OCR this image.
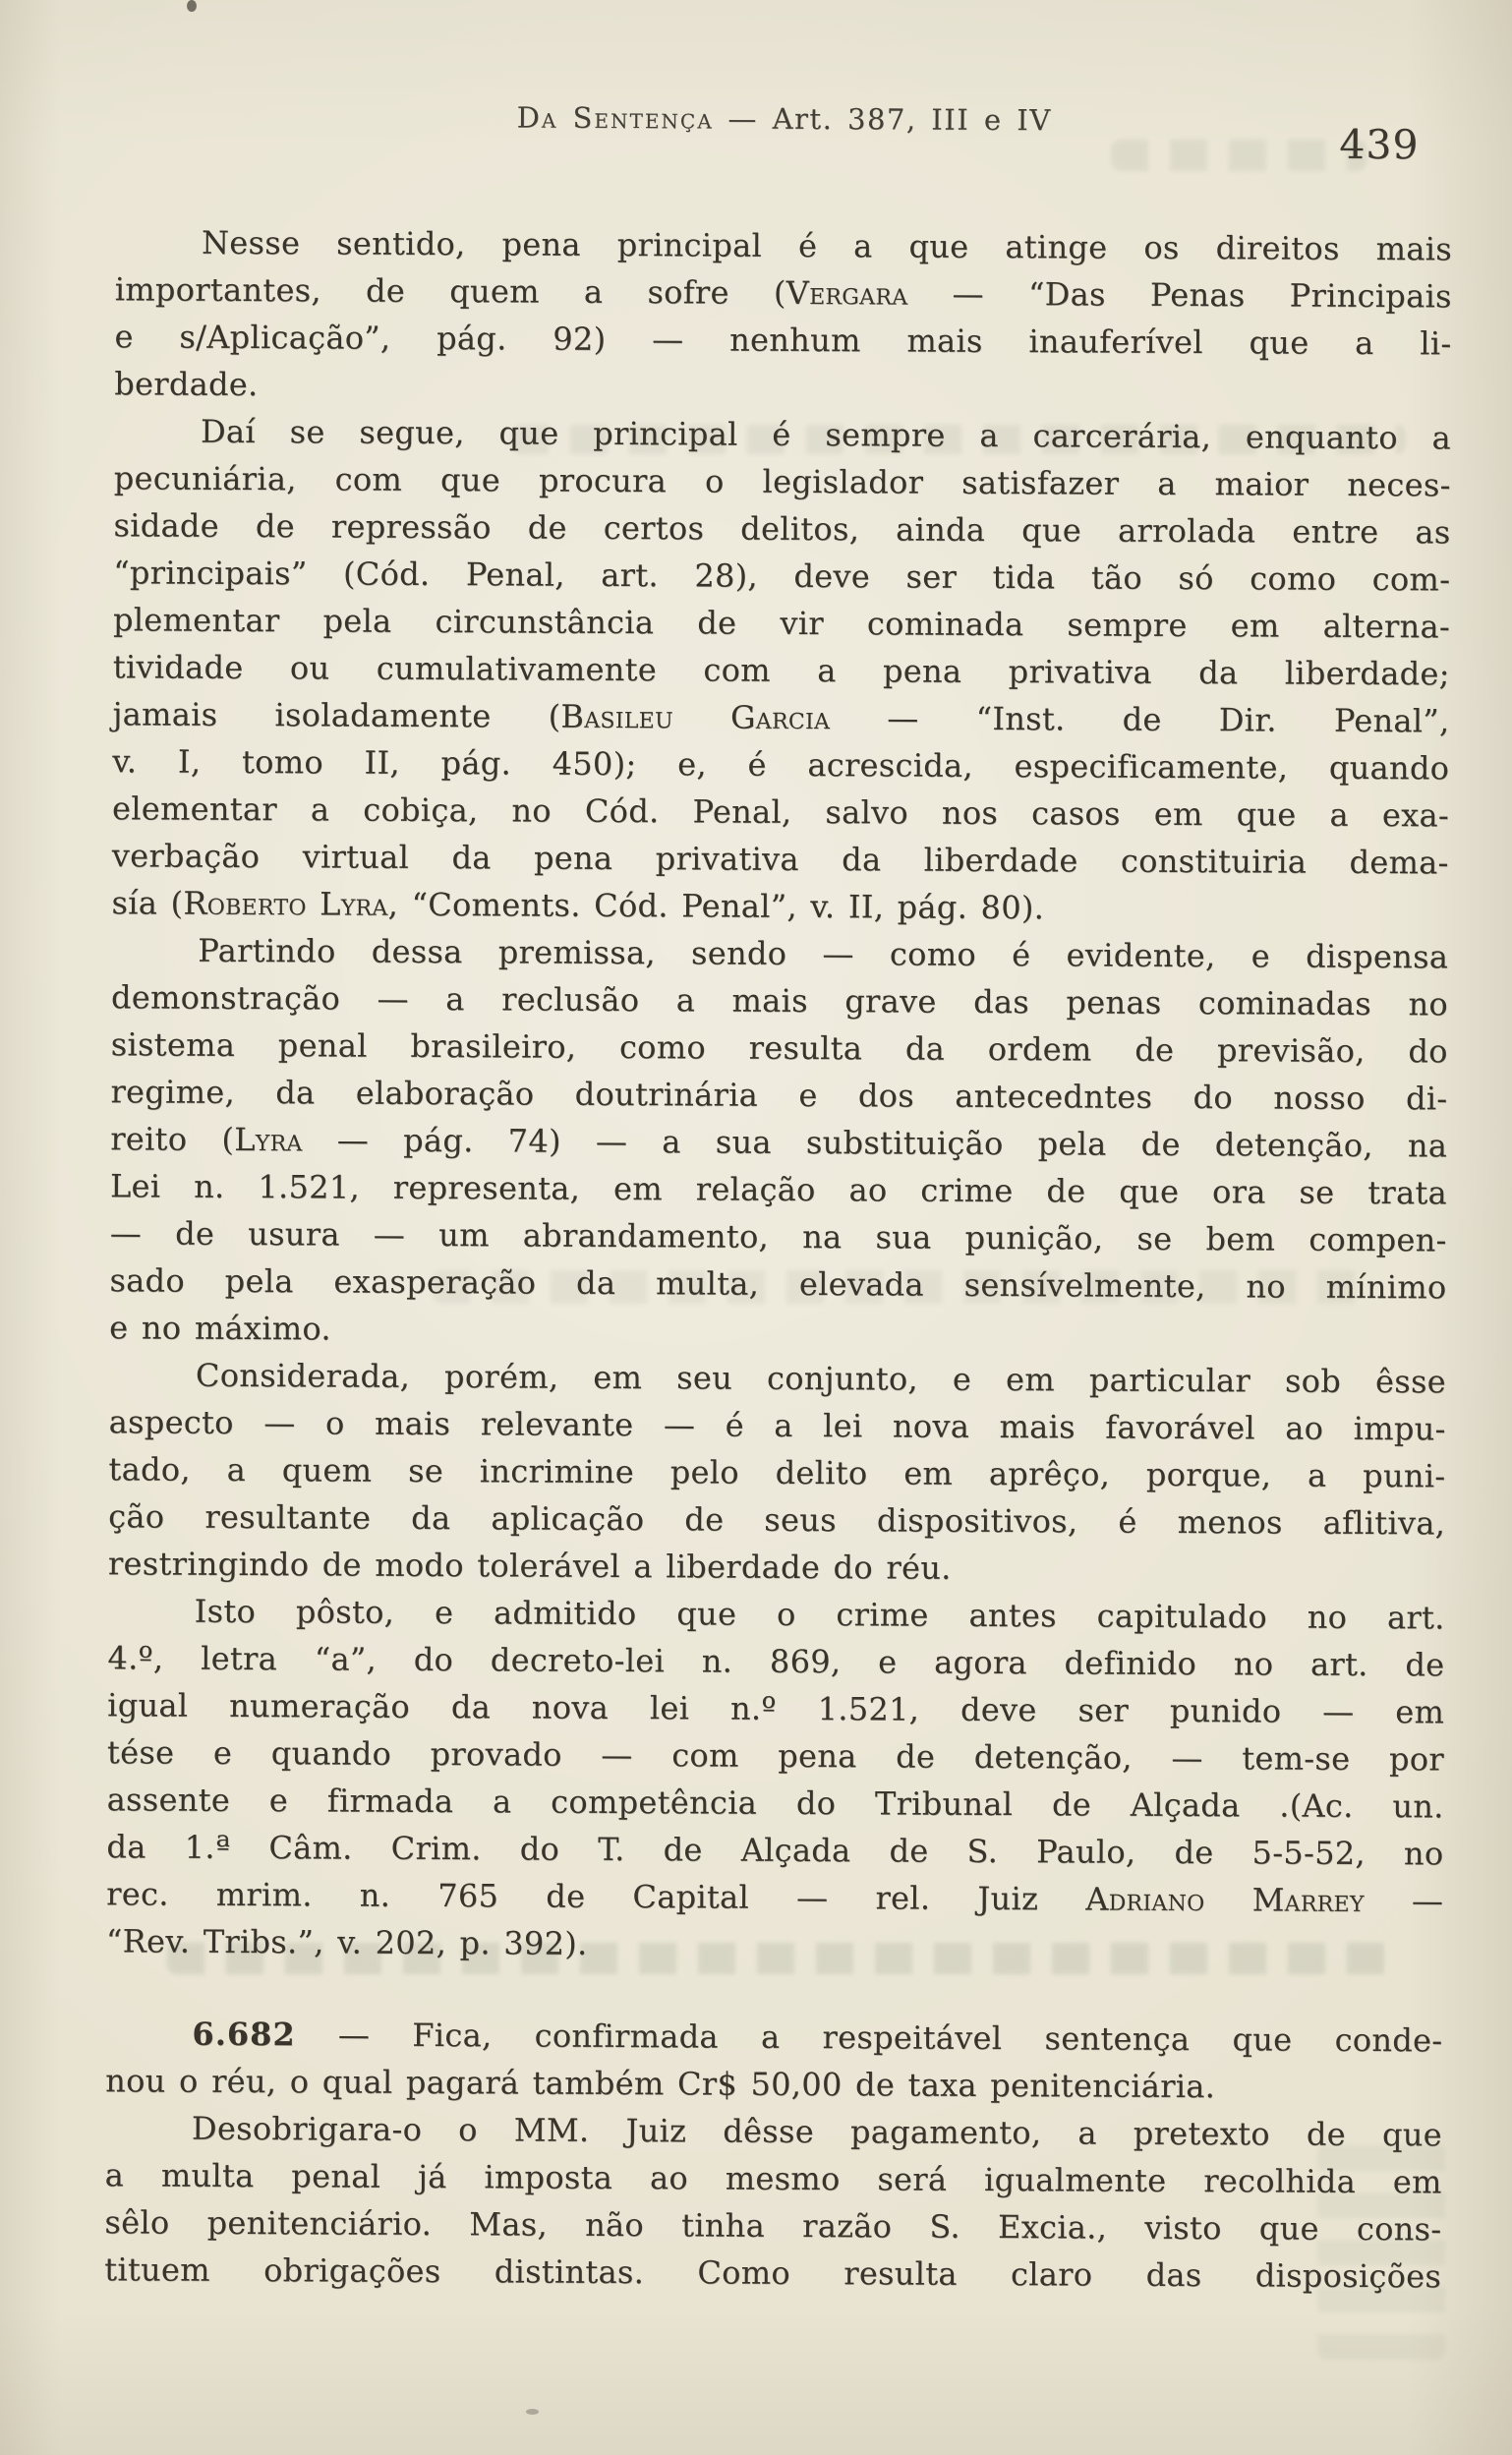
Da Sentença — Art. 387, III e IV
439

Nesse sentido, pena principal é a que atinge os direitos mais
importantes, de quem a sofre (Vergara — “Das Penas Principais
e s/Aplicação”, pág. 92) — nenhum mais inauferível que a li-
berdade.

Daí se segue, que principal é sempre a carcerária, enquanto a
pecuniária, com que procura o legislador satisfazer a maior neces-
sidade de repressão de certos delitos, ainda que arrolada entre as
“principais” (Cód. Penal, art. 28), deve ser tida tão só como com-
plementar pela circunstância de vir cominada sempre em alterna-
tividade ou cumulativamente com a pena privativa da liberdade;
jamais isoladamente (Basileu Garcia — “Inst. de Dir. Penal”,
v. I, tomo II, pág. 450); e, é acrescida, especificamente, quando
elementar a cobiça, no Cód. Penal, salvo nos casos em que a exa-
verbação virtual da pena privativa da liberdade constituiria dema-
sía (Roberto Lyra, “Coments. Cód. Penal”, v. II, pág. 80).

Partindo dessa premissa, sendo — como é evidente, e dispensa
demonstração — a reclusão a mais grave das penas cominadas no
sistema penal brasileiro, como resulta da ordem de previsão, do
regime, da elaboração doutrinária e dos antecedntes do nosso di-
reito (Lyra — pág. 74) — a sua substituição pela de detenção, na
Lei n. 1.521, representa, em relação ao crime de que ora se trata
— de usura — um abrandamento, na sua punição, se bem compen-
sado pela exasperação da multa, elevada sensívelmente, no mínimo
e no máximo.

Considerada, porém, em seu conjunto, e em particular sob êsse
aspecto — o mais relevante — é a lei nova mais favorável ao impu-
tado, a quem se incrimine pelo delito em aprêço, porque, a puni-
ção resultante da aplicação de seus dispositivos, é menos aflitiva,
restringindo de modo tolerável a liberdade do réu.

Isto pôsto, e admitido que o crime antes capitulado no art.
4.º, letra “a”, do decreto-lei n. 869, e agora definido no art. de
igual numeração da nova lei n.º 1.521, deve ser punido — em
tése e quando provado — com pena de detenção, — tem-se por
assente e firmada a competência do Tribunal de Alçada .(Ac. un.
da 1.ª Câm. Crim. do T. de Alçada de S. Paulo, de 5-5-52, no
rec. mrim. n. 765 de Capital — rel. Juiz Adriano Marrey —
“Rev. Tribs.”, v. 202, p. 392).

6.682 — Fica, confirmada a respeitável sentença que conde-
nou o réu, o qual pagará também Cr$ 50,00 de taxa penitenciária.

Desobrigara-o o MM. Juiz dêsse pagamento, a pretexto de que
a multa penal já imposta ao mesmo será igualmente recolhida em
sêlo penitenciário. Mas, não tinha razão S. Excia., visto que cons-
tituem obrigações distintas. Como resulta claro das disposições
